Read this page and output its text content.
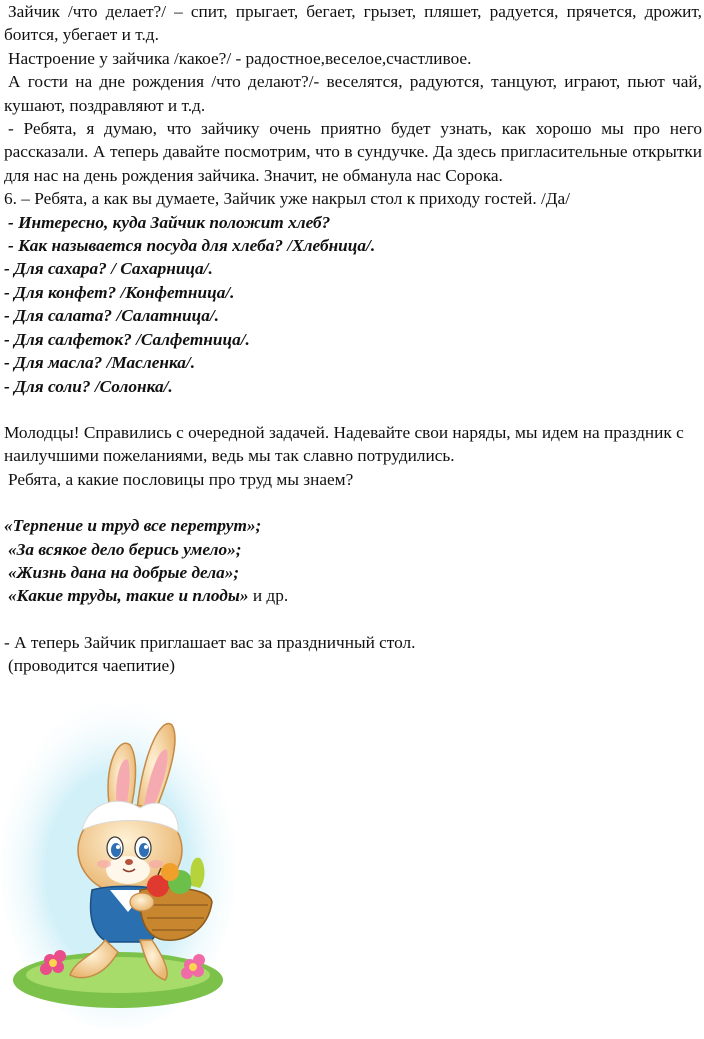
Зайчик /что делает?/ – спит, прыгает, бегает, грызет, пляшет, радуется, прячется, дрожит, боится, убегает и т.д.

Настроение у зайчика /какое?/ - радостное,веселое,счастливое.

А гости на дне рождения /что делают?/- веселятся, радуются, танцуют, играют, пьют чай, кушают, поздравляют и т.д.

- Ребята, я думаю, что зайчику очень приятно будет узнать, как хорошо мы про него рассказали. А теперь давайте посмотрим, что в сундучке. Да здесь пригласительные открытки для нас на день рождения зайчика. Значит, не обманула нас Сорока.

6. – Ребята, а как вы думаете, Зайчик уже накрыл стол к приходу гостей. /Да/

- Интересно, куда Зайчик положит хлеб?

- Как называется посуда для хлеба? /Хлебница/.

- Для сахара? / Сахарница/.

- Для конфет? /Конфетница/.

- Для салата? /Салатница/.

- Для салфеток? /Салфетница/.

- Для масла? /Масленка/.

- Для соли? /Солонка/.

Молодцы! Справились с очередной задачей. Надевайте свои наряды, мы идем на праздник с наилучшими пожеланиями, ведь мы так славно потрудились.

Ребята, а какие пословицы про труд мы знаем?

«Терпение и труд все перетрут»;

«За всякое дело берись умело»;

«Жизнь дана на добрые дела»;

«Какие труды, такие и плоды» и др.

- А теперь Зайчик приглашает вас за праздничный стол.

(проводится чаепитие)
